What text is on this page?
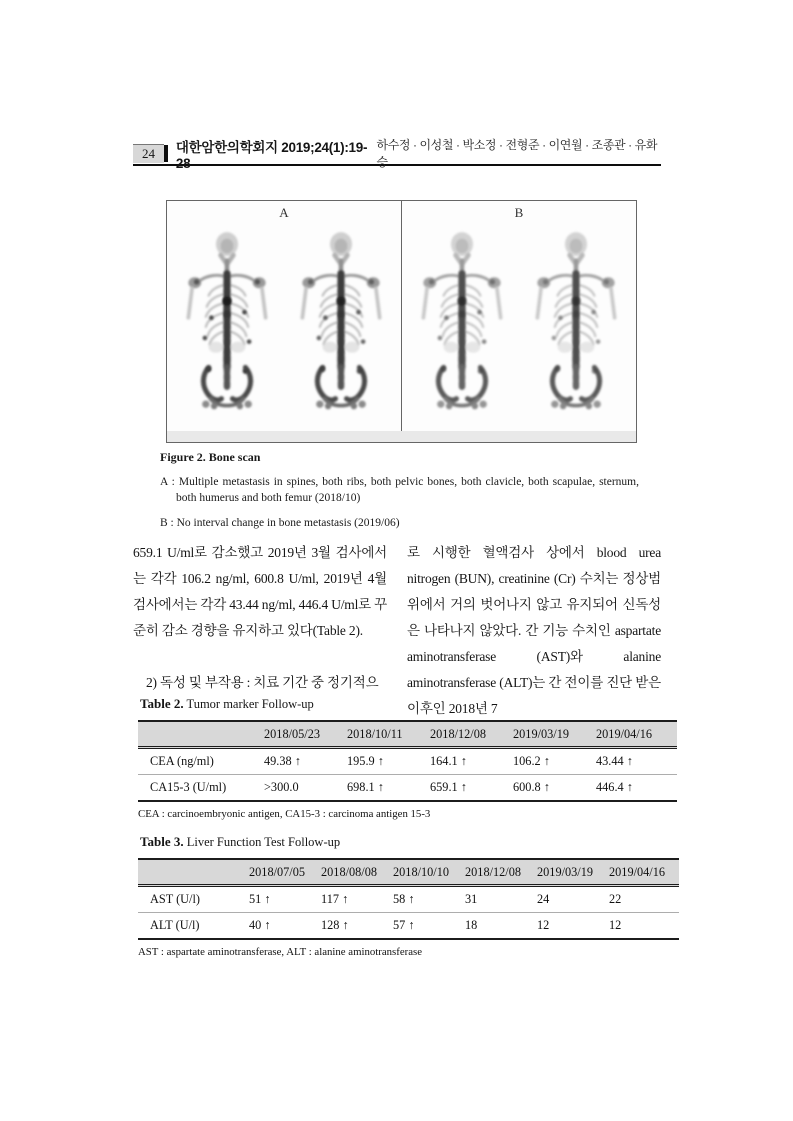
24	대한암한의학회지 2019;24(1):19-28
하수정 · 이성철 · 박소정 · 전형준 · 이연월 · 조종관 · 유화승
A	B

Figure 2. Bone scan

A : Multiple metastasis in spines, both ribs, both pelvic bones, both clavicle, both scapulae, sternum, both humerus and both femur (2018/10)

B : No interval change in bone metastasis (2019/06)

659.1 U/ml로 감소했고 2019년 3월 검사에서는 각각 106.2 ng/ml, 600.8 U/ml, 2019년 4월 검사에서는 각각 43.44 ng/ml, 446.4 U/ml로 꾸준히 감소 경향을 유지하고 있다(Table 2).

2) 독성 및 부작용 : 치료 기간 중 정기적으

로 시행한 혈액검사 상에서 blood urea nitrogen (BUN), creatinine (Cr) 수치는 정상범위에서 거의 벗어나지 않고 유지되어 신독성은 나타나지 않았다. 간 기능 수치인 aspartate aminotransferase (AST)와 alanine aminotransferase (ALT)는 간 전이를 진단 받은 이후인 2018년 7

Table 2. Tumor marker Follow-up

	2018/05/23	2018/10/11	2018/12/08	2019/03/19	2019/04/16
CEA (ng/ml)	49.38 ↑	195.9 ↑	164.1 ↑	106.2 ↑	43.44 ↑
CA15-3 (U/ml)	>300.0	698.1 ↑	659.1 ↑	600.8 ↑	446.4 ↑

CEA : carcinoembryonic antigen, CA15-3 : carcinoma antigen 15-3

Table 3. Liver Function Test Follow-up

	2018/07/05	2018/08/08	2018/10/10	2018/12/08	2019/03/19	2019/04/16
AST (U/l)	51 ↑	117 ↑	58 ↑	31	24	22
ALT (U/l)	40 ↑	128 ↑	57 ↑	18	12	12

AST : aspartate aminotransferase, ALT : alanine aminotransferase
